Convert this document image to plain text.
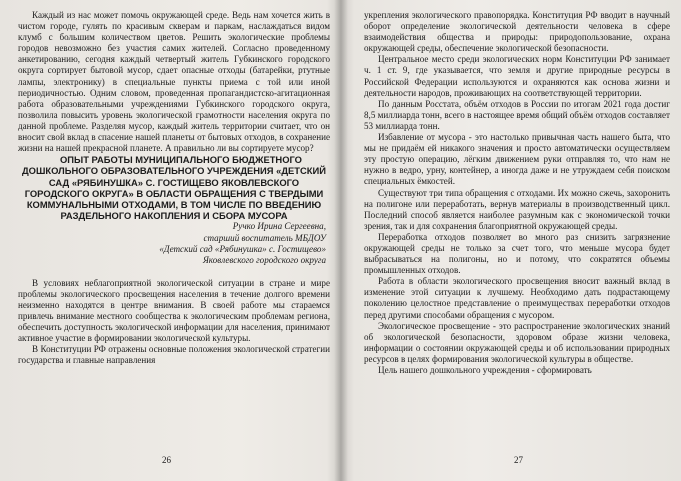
Каждый из нас может помочь окружающей среде. Ведь нам хочется жить в чистом городе, гулять по красивым скверам и паркам, наслаждаться видом клумб с большим количеством цветов. Решить экологические проблемы городов невозможно без участия самих жителей. Согласно проведенному анкетированию, сегодня каждый четвертый житель Губкинского городского округа сортирует бытовой мусор, сдает опасные отходы (батарейки, ртутные лампы, электронику) в специальные пункты приема с той или иной периодичностью. Одним словом, проведенная пропагандистско-агитационная работа образовательными учреждениями Губкинского городского округа, позволила повысить уровень экологической грамотности населения округа по данной проблеме. Разделяя мусор, каждый житель территории считает, что он вносит свой вклад в спасение нашей планеты от бытовых отходов, в сохранение жизни на нашей прекрасной планете. А правильно ли вы сортируете мусор?

ОПЫТ РАБОТЫ МУНИЦИПАЛЬНОГО БЮДЖЕТНОГО ДОШКОЛЬНОГО ОБРАЗОВАТЕЛЬНОГО УЧРЕЖДЕНИЯ «ДЕТСКИЙ САД «РЯБИНУШКА» С. ГОСТИЩЕВО ЯКОВЛЕВСКОГО ГОРОДСКОГО ОКРУГА» В ОБЛАСТИ ОБРАЩЕНИЯ С ТВЕРДЫМИ КОММУНАЛЬНЫМИ ОТХОДАМИ, В ТОМ ЧИСЛЕ ПО ВВЕДЕНИЮ РАЗДЕЛЬНОГО НАКОПЛЕНИЯ И СБОРА МУСОРА

Ручко Ирина Сергеевна,
старший воспитатель МБДОУ
«Детский сад «Рябинушка» с. Гостищево»
Яковлевского городского округа

В условиях неблагоприятной экологической ситуации в стране и мире проблемы экологического просвещения населения в течение долгого времени неизменно находятся в центре внимания. В своей работе мы стараемся привлечь внимание местного сообщества к экологическим проблемам региона, обеспечить доступность экологической информации для населения, принимают активное участие в формировании экологической культуры.

В Конституции РФ отражены основные положения экологической стратегии государства и главные направления

укрепления экологического правопорядка. Конституция РФ вводит в научный оборот определение экологической деятельности человека в сфере взаимодействия общества и природы: природопользование, охрана окружающей среды, обеспечение экологической безопасности.

Центральное место среди экологических норм Конституции РФ занимает ч. 1 ст. 9, где указывается, что земля и другие природные ресурсы в Российской Федерации используются и охраняются как основа жизни и деятельности народов, проживающих на соответствующей территории.

По данным Росстата, объём отходов в России по итогам 2021 года достиг 8,5 миллиарда тонн, всего в настоящее время общий объём отходов составляет 53 миллиарда тонн.

Избавление от мусора - это настолько привычная часть нашего быта, что мы не придаём ей никакого значения и просто автоматически осуществляем эту простую операцию, лёгким движением руки отправляя то, что нам не нужно в ведро, урну, контейнер, а иногда даже и не утруждаем себя поиском специальных ёмкостей.

Существуют три типа обращения с отходами. Их можно сжечь, захоронить на полигоне или переработать, вернув материалы в производственный цикл. Последний способ является наиболее разумным как с экономической точки зрения, так и для сохранения благоприятной окружающей среды.

Переработка отходов позволяет во много раз снизить загрязнение окружающей среды не только за счет того, что меньше мусора будет выбрасываться на полигоны, но и потому, что сократятся объемы промышленных отходов.

Работа в области экологического просвещения вносит важный вклад в изменение этой ситуации к лучшему. Необходимо дать подрастающему поколению целостное представление о преимуществах переработки отходов перед другими способами обращения с мусором.

Экологическое просвещение - это распространение экологических знаний об экологической безопасности, здоровом образе жизни человека, информации о состоянии окружающей среды и об использовании природных ресурсов в целях формирования экологической культуры в обществе.

Цель нашего дошкольного учреждения - сформировать

26	27
